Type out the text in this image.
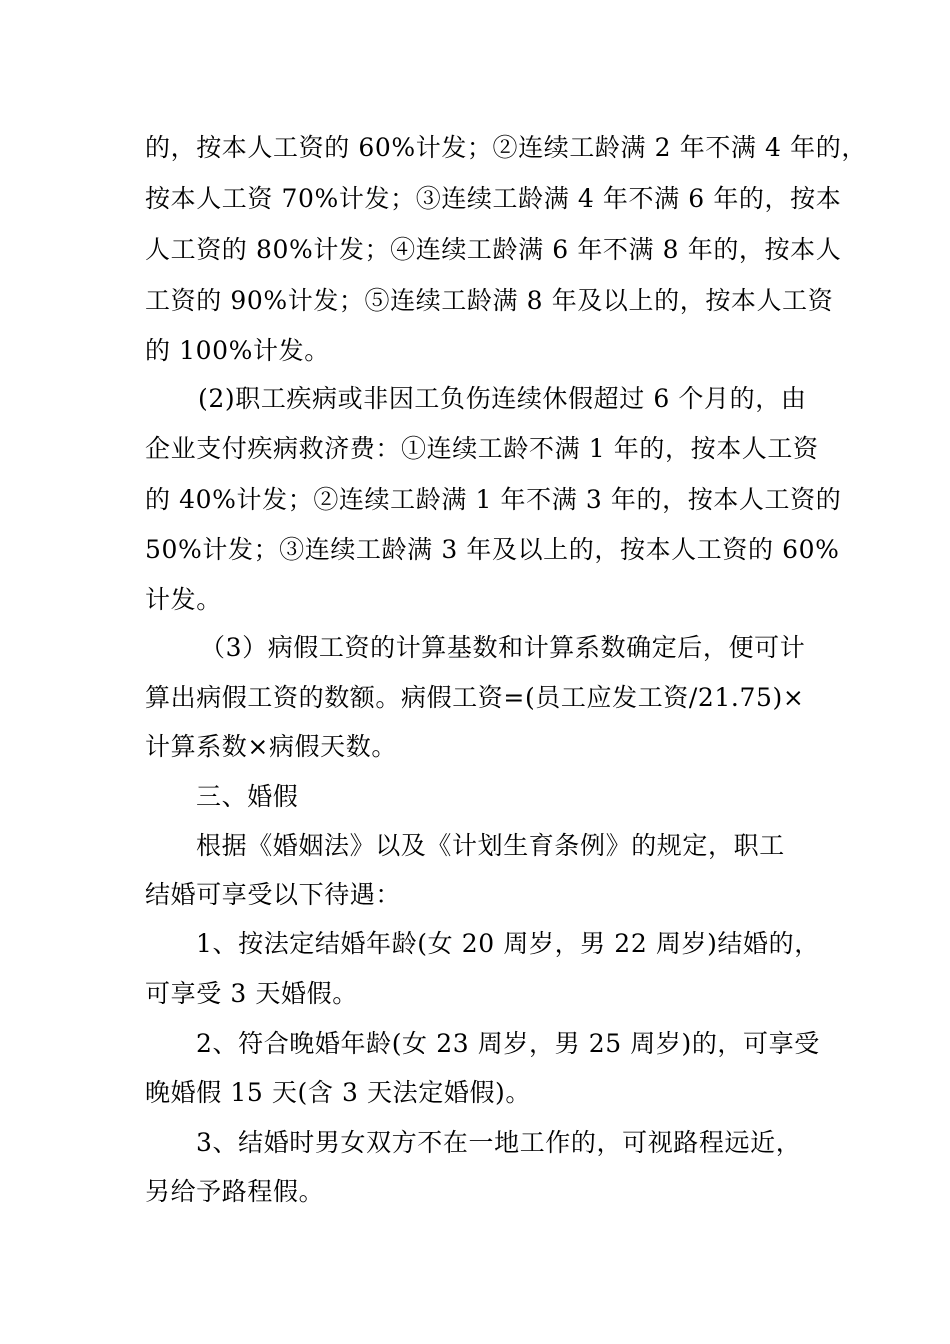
的，按本人工资的 60%计发；②连续工龄满 2 年不满 4 年的，
按本人工资 70%计发；③连续工龄满 4 年不满 6 年的，按本
人工资的 80%计发；④连续工龄满 6 年不满 8 年的，按本人
工资的 90%计发；⑤连续工龄满 8 年及以上的，按本人工资
的 100%计发。
(2)职工疾病或非因工负伤连续休假超过 6 个月的，由
企业支付疾病救济费：①连续工龄不满 1 年的，按本人工资
的 40%计发；②连续工龄满 1 年不满 3 年的，按本人工资的
50%计发；③连续工龄满 3 年及以上的，按本人工资的 60%
计发。
（3）病假工资的计算基数和计算系数确定后，便可计
算出病假工资的数额。病假工资=(员工应发工资/21.75)×
计算系数×病假天数。
三、婚假
根据《婚姻法》以及《计划生育条例》的规定，职工
结婚可享受以下待遇：
1、按法定结婚年龄(女 20 周岁，男 22 周岁)结婚的，
可享受 3 天婚假。
2、符合晚婚年龄(女 23 周岁，男 25 周岁)的，可享受
晚婚假 15 天(含 3 天法定婚假)。
3、结婚时男女双方不在一地工作的，可视路程远近，
另给予路程假。
